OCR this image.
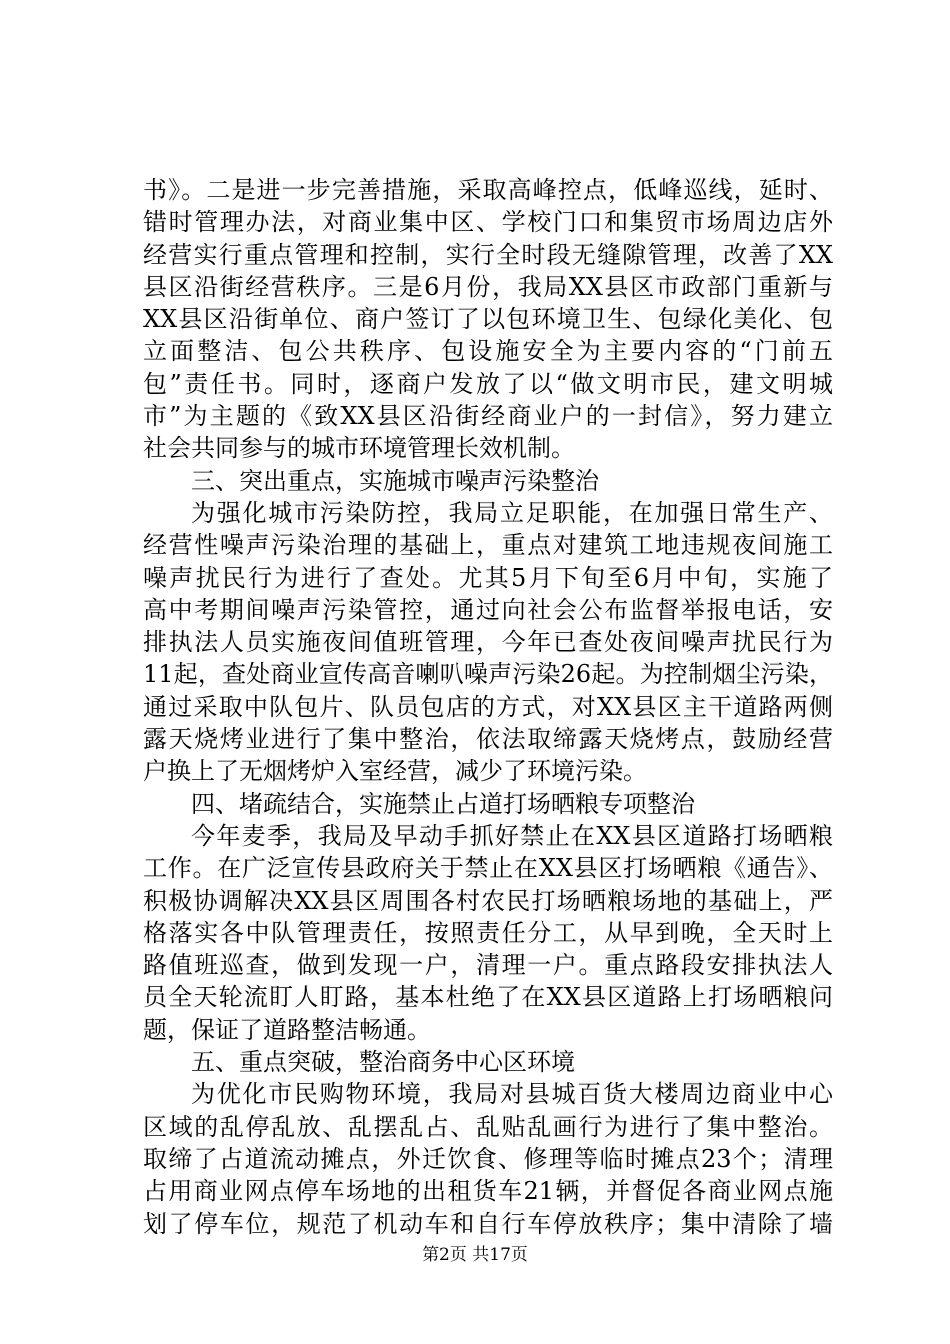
书》。二是进一步完善措施，采取高峰控点，低峰巡线，延时、
错时管理办法，对商业集中区、学校门口和集贸市场周边店外
经营实行重点管理和控制，实行全时段无缝隙管理，改善了XX
县区沿街经营秩序。三是6月份，我局XX县区市政部门重新与
XX县区沿街单位、商户签订了以包环境卫生、包绿化美化、包
立面整洁、包公共秩序、包设施安全为主要内容的“门前五
包”责任书。同时，逐商户发放了以“做文明市民，建文明城
市”为主题的《致XX县区沿街经商业户的一封信》，努力建立
社会共同参与的城市环境管理长效机制。
三、突出重点，实施城市噪声污染整治
为强化城市污染防控，我局立足职能，在加强日常生产、
经营性噪声污染治理的基础上，重点对建筑工地违规夜间施工
噪声扰民行为进行了查处。尤其5月下旬至6月中旬，实施了
高中考期间噪声污染管控，通过向社会公布监督举报电话，安
排执法人员实施夜间值班管理，今年已查处夜间噪声扰民行为
11起，查处商业宣传高音喇叭噪声污染26起。为控制烟尘污染，
通过采取中队包片、队员包店的方式，对XX县区主干道路两侧
露天烧烤业进行了集中整治，依法取缔露天烧烤点，鼓励经营
户换上了无烟烤炉入室经营，减少了环境污染。
四、堵疏结合，实施禁止占道打场晒粮专项整治
今年麦季，我局及早动手抓好禁止在XX县区道路打场晒粮
工作。在广泛宣传县政府关于禁止在XX县区打场晒粮《通告》、
积极协调解决XX县区周围各村农民打场晒粮场地的基础上，严
格落实各中队管理责任，按照责任分工，从早到晚，全天时上
路值班巡查，做到发现一户，清理一户。重点路段安排执法人
员全天轮流盯人盯路，基本杜绝了在XX县区道路上打场晒粮问
题，保证了道路整洁畅通。
五、重点突破，整治商务中心区环境
为优化市民购物环境，我局对县城百货大楼周边商业中心
区域的乱停乱放、乱摆乱占、乱贴乱画行为进行了集中整治。
取缔了占道流动摊点，外迁饮食、修理等临时摊点23个；清理
占用商业网点停车场地的出租货车21辆，并督促各商业网点施
划了停车位，规范了机动车和自行车停放秩序；集中清除了墙
第2页 共17页
